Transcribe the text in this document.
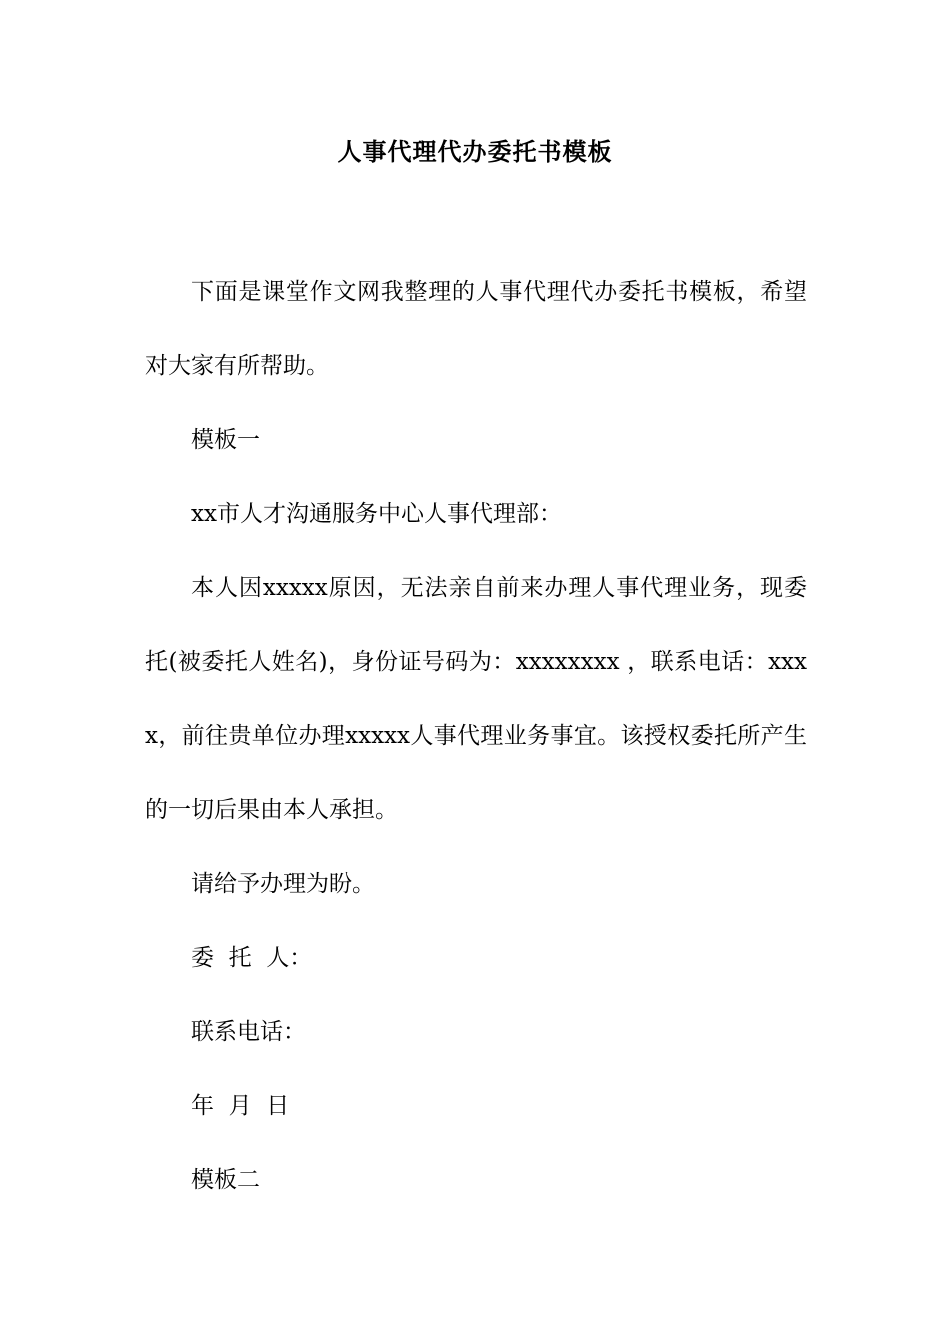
人事代理代办委托书模板

下面是课堂作文网我整理的人事代理代办委托书模板，希望对大家有所帮助。

模板一

xx市人才沟通服务中心人事代理部：

本人因xxxxx原因，无法亲自前来办理人事代理业务，现委托(被委托人姓名)，身份证号码为：xxxxxxxx ，联系电话：xxxx，前往贵单位办理xxxxx人事代理业务事宜。该授权委托所产生的一切后果由本人承担。

请给予办理为盼。

委  托  人：

联系电话：

年  月  日

模板二
